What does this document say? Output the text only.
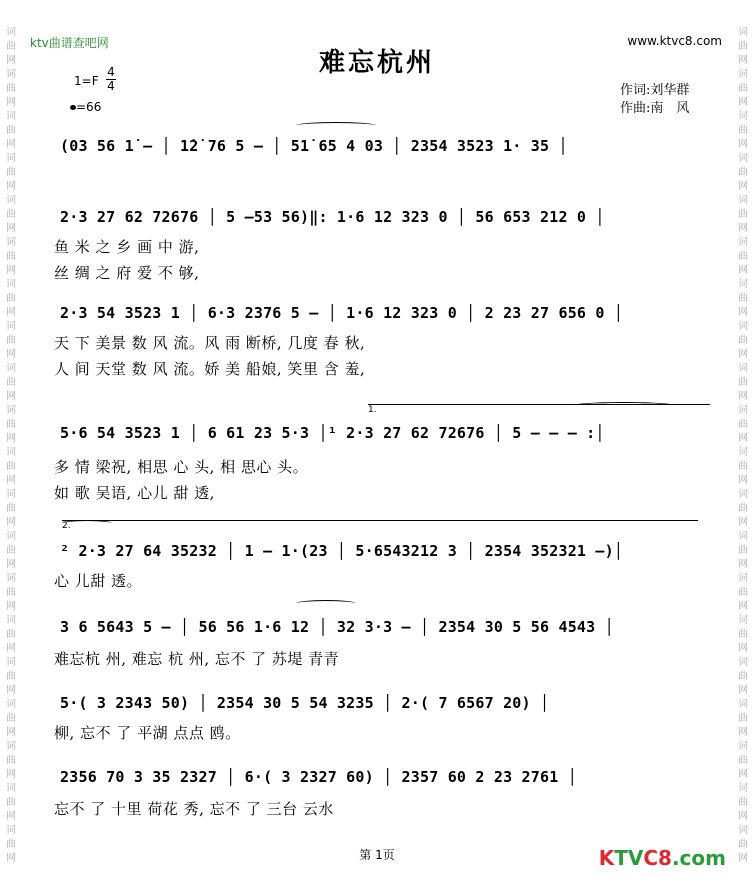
ktv曲谱查吧网	www.ktvc8.com
词曲网词曲网词曲网词曲网词曲网词曲网词曲网词曲网词曲网词曲网词曲网词曲网词曲网词曲网词曲网词曲网词曲网词曲网词曲网词曲网
词曲网词曲网词曲网词曲网词曲网词曲网词曲网词曲网词曲网词曲网词曲网词曲网词曲网词曲网词曲网词曲网词曲网词曲网词曲网词曲网
难忘杭州
1=F
4
4
=66
作词:刘华群
作曲:南　风
(03 56 1̇ – │ 1̇2̇ 76 5 – │ 51̇ 65 4 03 │ 2354 3523 1· 35 │
2·3 27 62 72676 │ 5 –53 56)‖: 1·6 12 323 0 │ 56 653 212 0 │
鱼 米 之 乡 画 中 游,
丝 绸 之 府 爱 不 够,
2·3 54 3523 1 │ 6·3 2376 5 – │ 1·6 12 323 0 │ 2 23 27 656 0 │
天 下 美景 数 风 流。风 雨 断桥, 几度 春 秋,
人 间 天堂 数 风 流。娇 美 船娘, 笑里 含 羞,
1.
5·6 54 3523 1 │ 6 61 23 5·3 │¹ 2·3 27 62 72676 │ 5 – – – :│
多 情 梁祝, 相思 心 头, 相 思心 头。
如 歌 吴语, 心儿 甜 透,
2.
² 2·3 27 64 35232 │ 1 – 1·(23 │ 5·6543212 3 │ 2354 352321 –)│
心 儿甜 透。
3 6 5643 5 – │ 56 56 1·6 12 │ 32 3·3 – │ 2354 30 5 56 4543 │
难忘杭 州, 难忘 杭 州, 忘不 了 苏堤 青青
5·( 3 2343 50) │ 2354 30 5 54 3235 │ 2·( 7 6567 20) │
柳, 忘不 了 平湖 点点 鸥。
2356 70 3 35 2327 │ 6·( 3 2327 60) │ 2357 60 2 23 2761 │
忘不 了 十里 荷花 秀, 忘不 了 三台 云水
第 1页	KTVC8.com
